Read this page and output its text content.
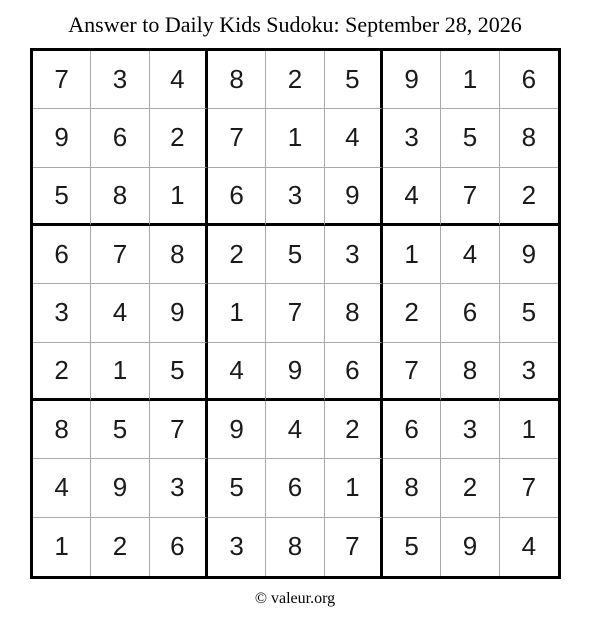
Answer to Daily Kids Sudoku: September 28, 2026
7	3	4	8	2	5	9	1	6
9	6	2	7	1	4	3	5	8
5	8	1	6	3	9	4	7	2
6	7	8	2	5	3	1	4	9
3	4	9	1	7	8	2	6	5
2	1	5	4	9	6	7	8	3
8	5	7	9	4	2	6	3	1
4	9	3	5	6	1	8	2	7
1	2	6	3	8	7	5	9	4
© valeur.org
